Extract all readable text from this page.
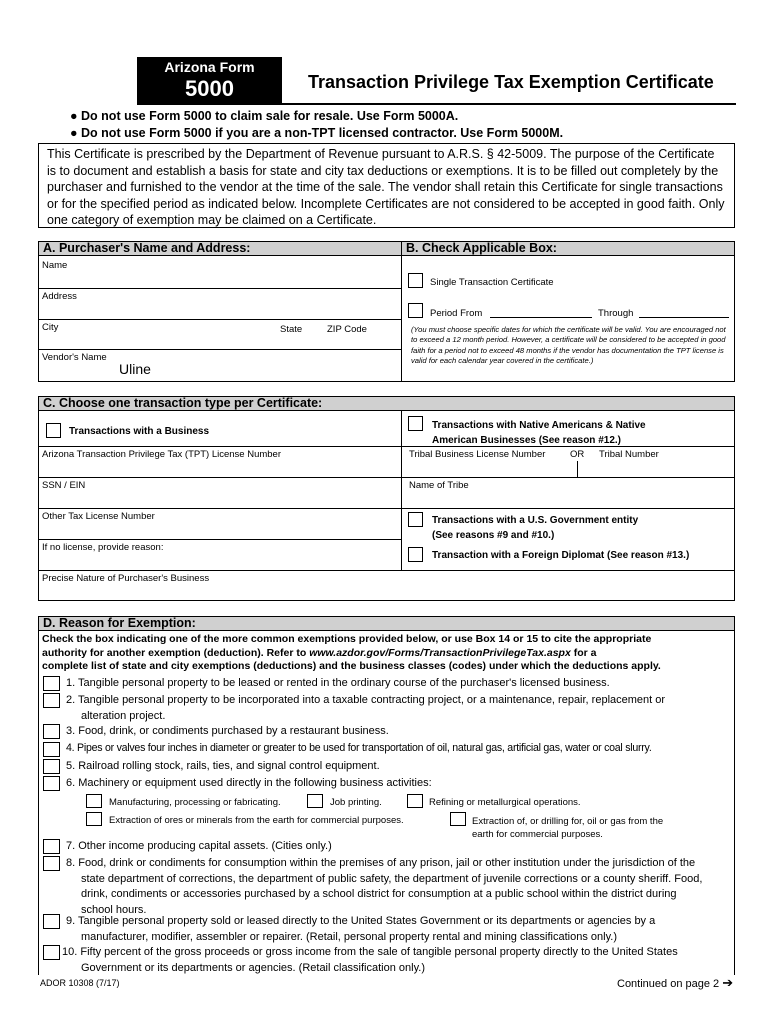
Arizona Form
5000	Transaction Privilege Tax Exemption Certificate
● Do not use Form 5000 to claim sale for resale. Use Form 5000A.
● Do not use Form 5000 if you are a non-TPT licensed contractor. Use Form 5000M.
This Certificate is prescribed by the Department of Revenue pursuant to A.R.S. § 42-5009. The purpose of the Certificate is to document and establish a basis for state and city tax deductions or exemptions. It is to be filled out completely by the purchaser and furnished to the vendor at the time of the sale. The vendor shall retain this Certificate for single transactions or for the specified period as indicated below. Incomplete Certificates are not considered to be accepted in good faith. Only one category of exemption may be claimed on a Certificate.
A. Purchaser's Name and Address:	B. Check Applicable Box:
Name
Address
City	State	ZIP Code
Vendor's Name
Uline
Single Transaction Certificate
Period From	Through
(You must choose specific dates for which the certificate will be valid. You are encouraged not to exceed a 12 month period. However, a certificate will be considered to be accepted in good faith for a period not to exceed 48 months if the vendor has documentation the TPT license is valid for each calendar year covered in the certificate.)
C. Choose one transaction type per Certificate:
Transactions with a Business
Arizona Transaction Privilege Tax (TPT) License Number
SSN / EIN
Other Tax License Number
If no license, provide reason:
Precise Nature of Purchaser's Business
Transactions with Native Americans & Native
American Businesses (See reason #12.)
Tribal Business License Number	OR Tribal Number
Name of Tribe
Transactions with a U.S. Government entity
(See reasons #9 and #10.)
Transaction with a Foreign Diplomat (See reason #13.)
D. Reason for Exemption:
Check the box indicating one of the more common exemptions provided below, or use Box 14 or 15 to cite the appropriate
authority for another exemption (deduction). Refer to www.azdor.gov/Forms/TransactionPrivilegeTax.aspx for a
complete list of state and city exemptions (deductions) and the business classes (codes) under which the deductions apply.
1. Tangible personal property to be leased or rented in the ordinary course of the purchaser's licensed business.
2. Tangible personal property to be incorporated into a taxable contracting project, or a maintenance, repair, replacement or
alteration project.
3. Food, drink, or condiments purchased by a restaurant business.
4. Pipes or valves four inches in diameter or greater to be used for transportation of oil, natural gas, artificial gas, water or coal slurry.
5. Railroad rolling stock, rails, ties, and signal control equipment.
6. Machinery or equipment used directly in the following business activities:
Manufacturing, processing or fabricating.	Job printing.	Refining or metallurgical operations.
Extraction of ores or minerals from the earth for commercial purposes.	Extraction of, or drilling for, oil or gas from the
earth for commercial purposes.
7. Other income producing capital assets. (Cities only.)
8. Food, drink or condiments for consumption within the premises of any prison, jail or other institution under the jurisdiction of the
state department of corrections, the department of public safety, the department of juvenile corrections or a county sheriff. Food,
drink, condiments or accessories purchased by a school district for consumption at a public school within the district during
school hours.
9. Tangible personal property sold or leased directly to the United States Government or its departments or agencies by a
manufacturer, modifier, assembler or repairer. (Retail, personal property rental and mining classifications only.)
10. Fifty percent of the gross proceeds or gross income from the sale of tangible personal property directly to the United States
Government or its departments or agencies. (Retail classification only.)
ADOR 10308 (7/17)	Continued on page 2 ➔
